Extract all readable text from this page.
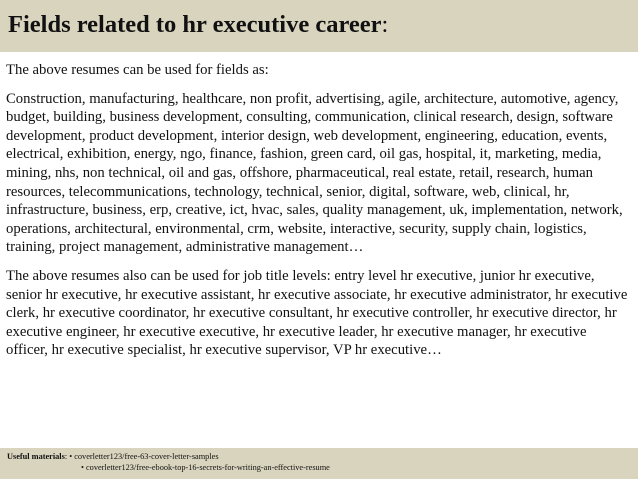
Fields related to hr executive career:

The above resumes can be used for fields as:

Construction, manufacturing, healthcare, non profit, advertising, agile, architecture, automotive, agency, budget, building, business development, consulting, communication, clinical research, design, software development, product development, interior design, web development, engineering, education, events, electrical, exhibition, energy, ngo, finance, fashion, green card, oil gas, hospital, it, marketing, media, mining, nhs, non technical, oil and gas, offshore, pharmaceutical, real estate, retail, research, human resources, telecommunications, technology, technical, senior, digital, software, web, clinical, hr, infrastructure, business, erp, creative, ict, hvac, sales, quality management, uk, implementation, network, operations, architectural, environmental, crm, website, interactive, security, supply chain, logistics, training, project management, administrative management…

The above resumes also can be used for job title levels: entry level hr executive, junior hr executive, senior hr executive, hr executive assistant, hr executive associate, hr executive administrator, hr executive clerk, hr executive coordinator, hr executive consultant, hr executive controller, hr executive director, hr executive engineer, hr executive executive, hr executive leader, hr executive manager, hr executive officer, hr executive specialist, hr executive supervisor, VP hr executive…

Useful materials: • coverletter123/free-63-cover-letter-samples
• coverletter123/free-ebook-top-16-secrets-for-writing-an-effective-resume
